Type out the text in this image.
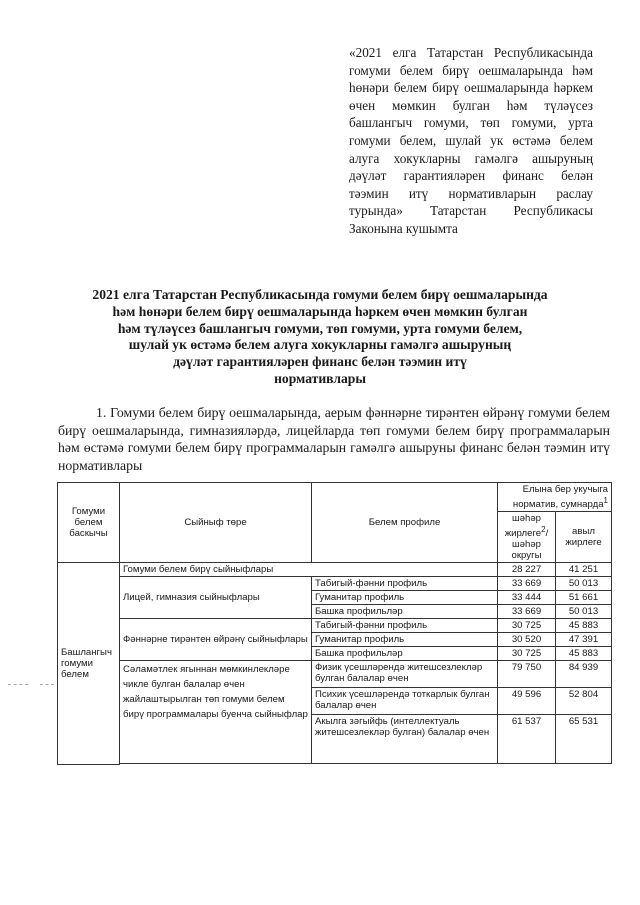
«2021 елга Татарстан Республикасында гомуми белем бирү оешмаларында һәм һөнәри белем бирү оешмаларында һәркем өчен мөмкин булган һәм түләүсез башлангыч гомуми, төп гомуми, урта гомуми белем, шулай ук өстәмә белем алуга хокукларны гамәлгә ашыруның дәүләт гарантияләрен финанс белән тәэмин итү нормативларын раслау турында» Татарстан Республикасы Законына кушымта
2021 елга Татарстан Республикасында гомуми белем бирү оешмаларында
һәм һөнәри белем бирү оешмаларында һәркем өчен мөмкин булган
һәм түләүсез башлангыч гомуми, төп гомуми, урта гомуми белем,
шулай ук өстәмә белем алуга хокукларны гамәлгә ашыруның
дәүләт гарантияләрен финанс белән тәэмин итү
нормативлары
1. Гомуми белем бирү оешмаларында, аерым фәннәрне тирәнтен өйрәнү гомуми белем бирү оешмаларында, гимназияләрдә, лицейларда төп гомуми белем бирү программаларын һәм өстәмә гомуми белем бирү программаларын гамәлгә ашыруны финанс белән тәэмин итү нормативлары
Гомуми белем баскычы	Сыйныф төре	Белем профиле	Елына бер укучыга норматив, сумнарда$^1$
			шәһәр жирлеге$^2$/ шәһәр округы	авыл жирлеге
Башлангыч гомуми белем	Гомуми белем бирү сыйныфлары		28 227	41 251
	Лицей, гимназия сыйныфлары	Табигый-фәнни профиль	33 669	50 013
		Гуманитар профиль	33 444	51 661
		Башка профильләр	33 669	50 013
	Фәннәрне тирәнтен өйрәнү сыйныфлары	Табигый-фәнни профиль	30 725	45 883
		Гуманитар профиль	30 520	47 391
		Башка профильләр	30 725	45 883
	Сәламәтлек ягыннан мөмкинлекләре чикле булган балалар өчен жайлаштырылган төп гомуми белем бирү программалары буенча сыйныфлар	Физик үсешләрендә житешсезлекләр булган балалар өчен	79 750	84 939
		Психик үсешләрендә тоткарлык булган балалар өчен	49 596	52 804
		Акылга зәгыйфь (интеллектуаль житешсезлекләр булган) балалар өчен	61 537	65 531
